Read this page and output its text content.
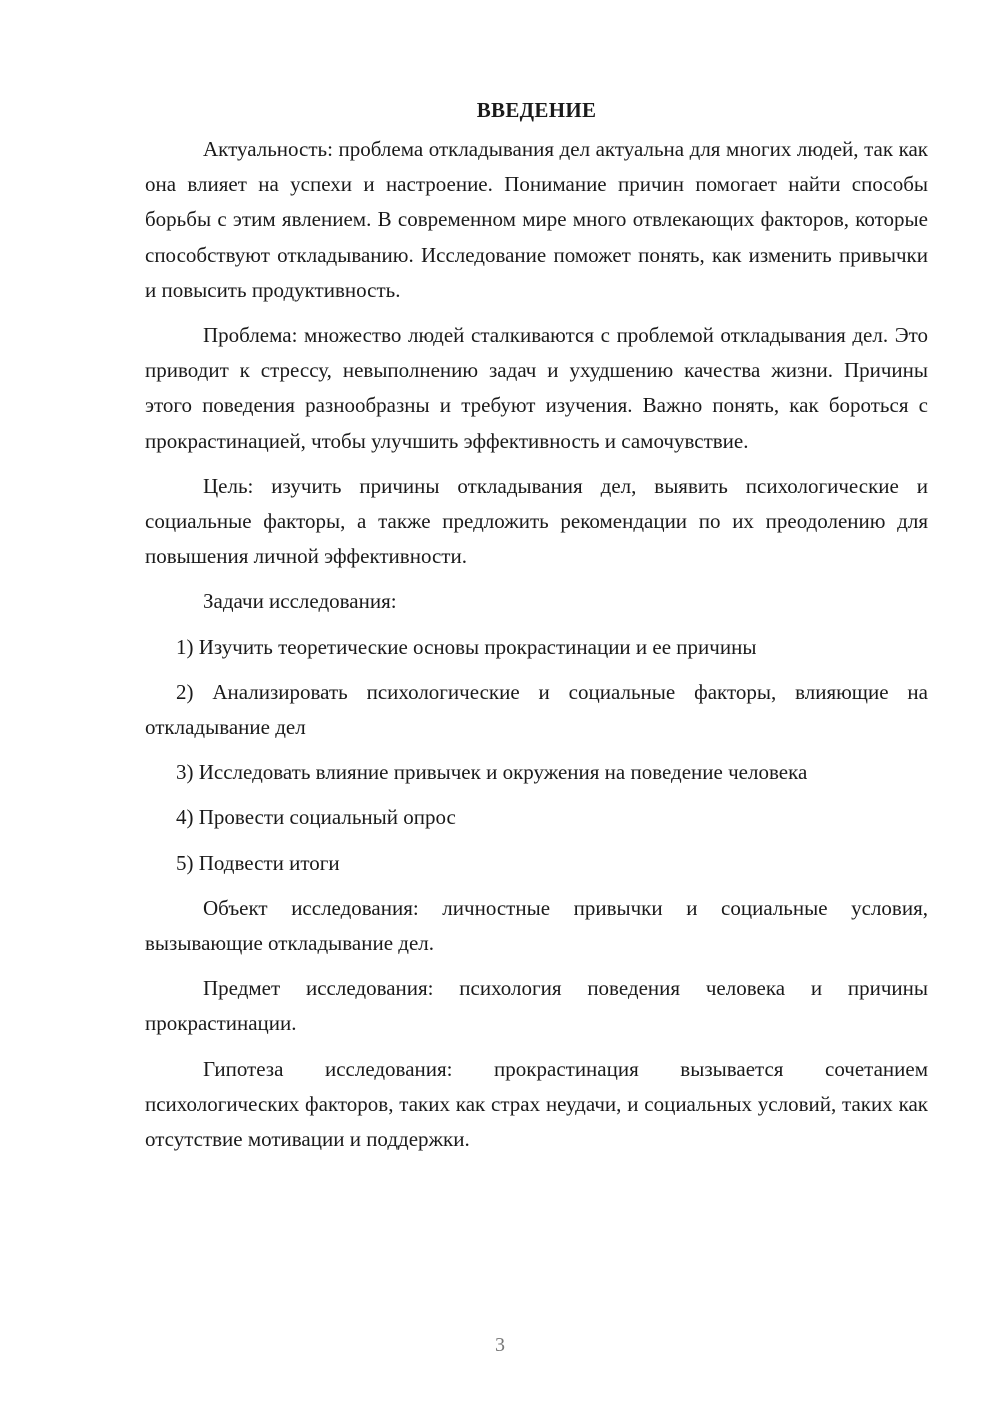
ВВЕДЕНИЕ

Актуальность: проблема откладывания дел актуальна для многих людей, так как она влияет на успехи и настроение. Понимание причин помогает найти способы борьбы с этим явлением. В современном мире много отвлекающих факторов, которые способствуют откладыванию. Исследование поможет понять, как изменить привычки и повысить продуктивность.

Проблема: множество людей сталкиваются с проблемой откладывания дел. Это приводит к стрессу, невыполнению задач и ухудшению качества жизни. Причины этого поведения разнообразны и требуют изучения. Важно понять, как бороться с прокрастинацией, чтобы улучшить эффективность и самочувствие.

Цель: изучить причины откладывания дел, выявить психологические и социальные факторы, а также предложить рекомендации по их преодолению для повышения личной эффективности.

Задачи исследования:

1) Изучить теоретические основы прокрастинации и ее причины

2) Анализировать психологические и социальные факторы, влияющие на откладывание дел

3) Исследовать влияние привычек и окружения на поведение человека

4) Провести социальный опрос

5) Подвести итоги

Объект исследования: личностные привычки и социальные условия, вызывающие откладывание дел.

Предмет исследования: психология поведения человека и причины прокрастинации.

Гипотеза исследования: прокрастинация вызывается сочетанием психологических факторов, таких как страх неудачи, и социальных условий, таких как отсутствие мотивации и поддержки.

3
